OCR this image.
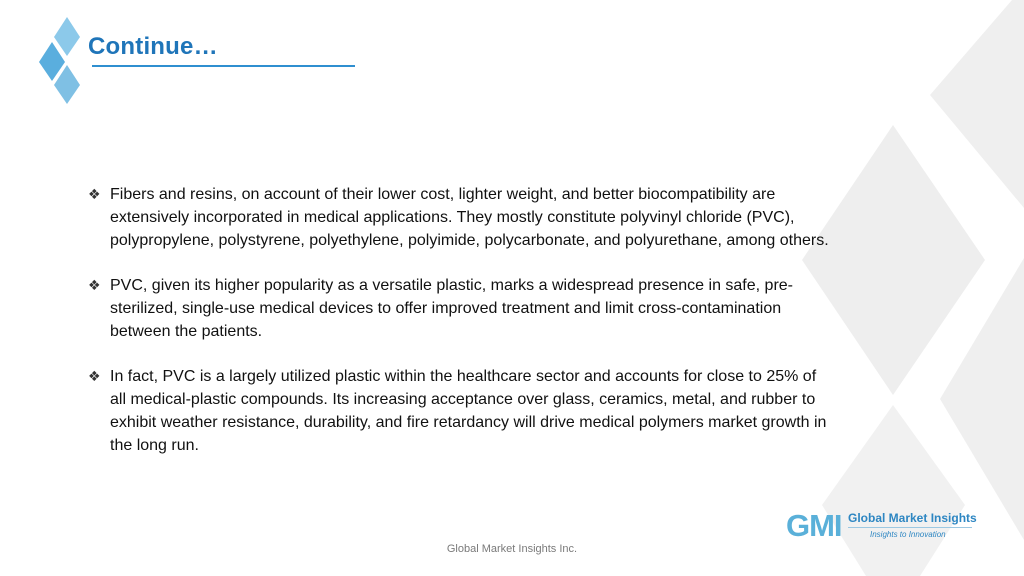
Continue…
❖ Fibers and resins, on account of their lower cost, lighter weight, and better biocompatibility are extensively incorporated in medical applications. They mostly constitute polyvinyl chloride (PVC), polypropylene, polystyrene, polyethylene, polyimide, polycarbonate, and polyurethane, among others.
❖ PVC, given its higher popularity as a versatile plastic, marks a widespread presence in safe, pre-sterilized, single-use medical devices to offer improved treatment and limit cross-contamination between the patients.
❖ In fact, PVC is a largely utilized plastic within the healthcare sector and accounts for close to 25% of all medical-plastic compounds. Its increasing acceptance over glass, ceramics, metal, and rubber to exhibit weather resistance, durability, and fire retardancy will drive medical polymers market growth in the long run.
GMI Global Market Insights
Insights to Innovation
Global Market Insights Inc.
